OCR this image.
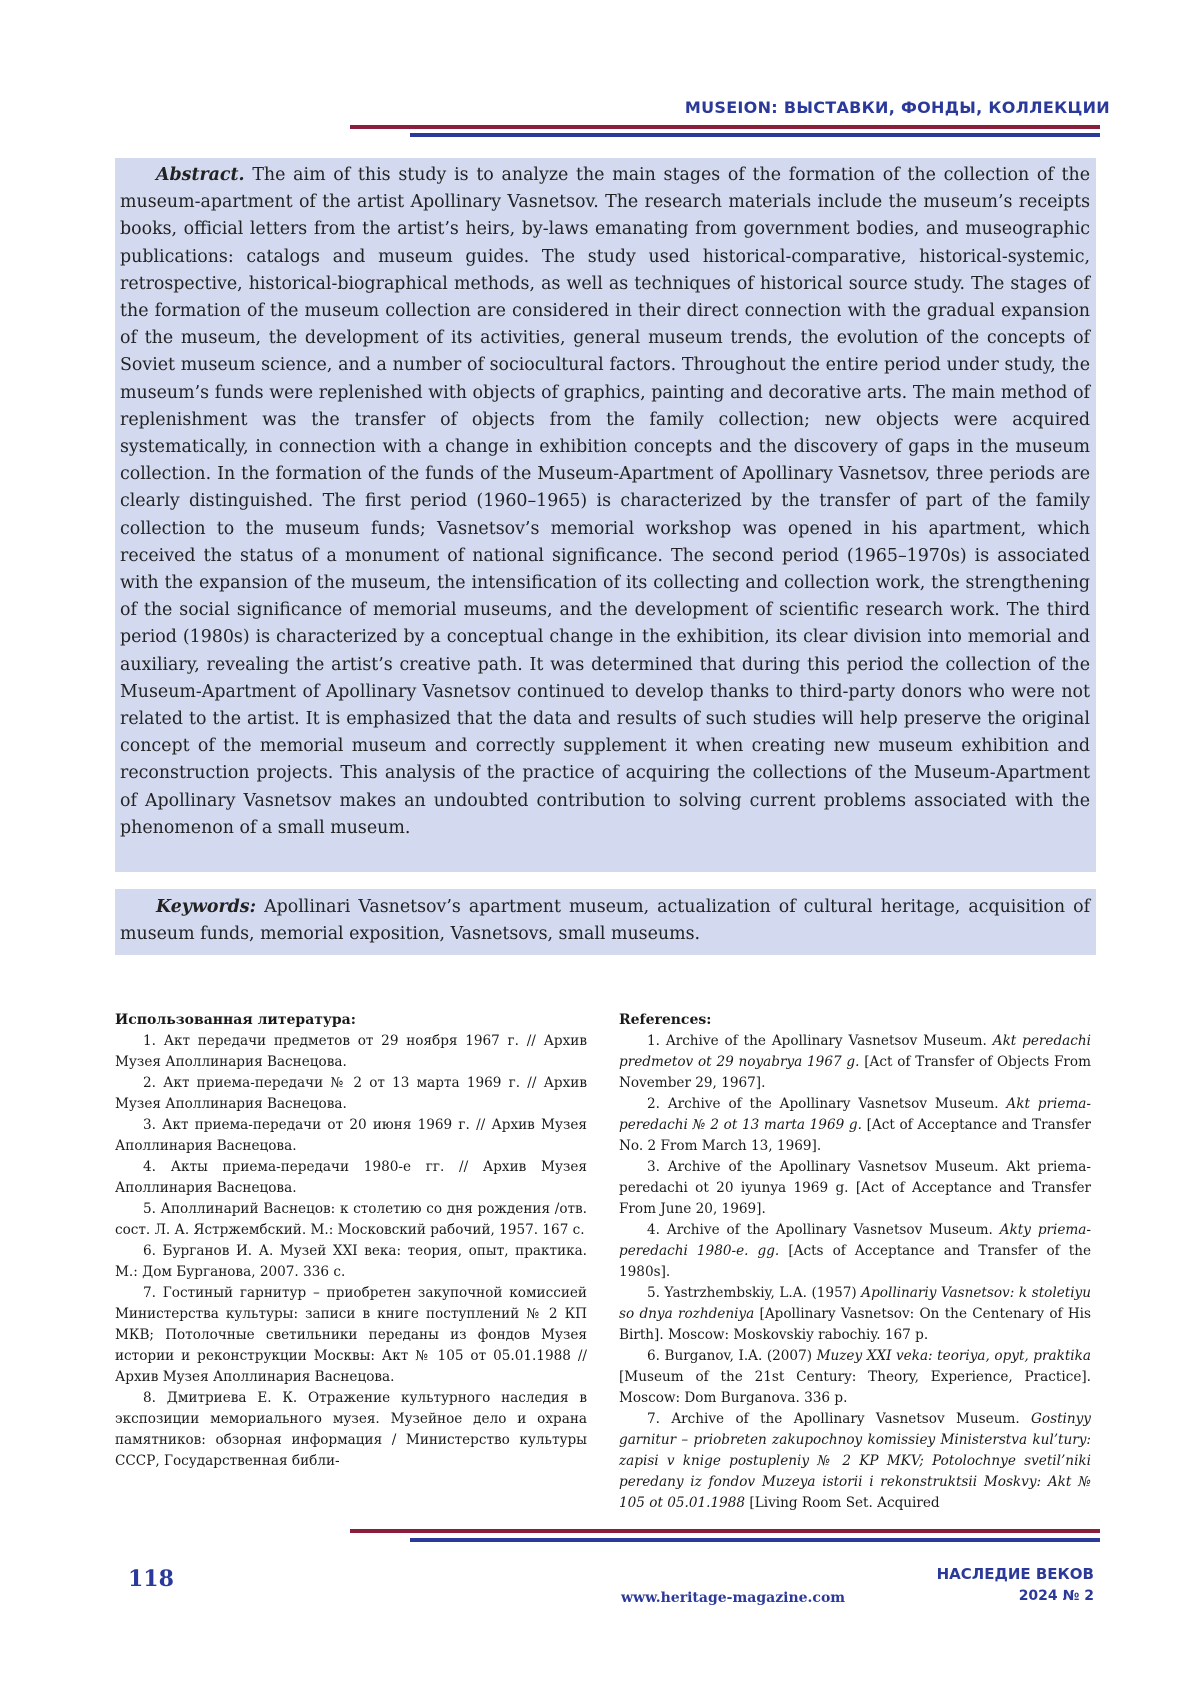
MUSEION: ВЫСТАВКИ, ФОНДЫ, КОЛЛЕКЦИИ
Abstract. The aim of this study is to analyze the main stages of the formation of the collection of the museum-apartment of the artist Apollinary Vasnetsov. The research materials include the museum’s receipts books, official letters from the artist’s heirs, by-laws emanating from government bodies, and museographic publications: catalogs and museum guides. The study used historical-comparative, historical-systemic, retrospective, historical-biographical methods, as well as techniques of historical source study. The stages of the formation of the museum collection are considered in their direct connection with the gradual expansion of the museum, the development of its activities, general museum trends, the evolution of the concepts of Soviet museum science, and a number of sociocultural factors. Throughout the entire period under study, the museum’s funds were replenished with objects of graphics, painting and decorative arts. The main method of replenishment was the transfer of objects from the family collection; new objects were acquired systematically, in connection with a change in exhibition concepts and the discovery of gaps in the museum collection. In the formation of the funds of the Museum-Apartment of Apollinary Vasnetsov, three periods are clearly distinguished. The first period (1960–1965) is characterized by the transfer of part of the family collection to the museum funds; Vasnetsov’s memorial workshop was opened in his apartment, which received the status of a monument of national significance. The second period (1965–1970s) is associated with the expansion of the museum, the intensification of its collecting and collection work, the strengthening of the social significance of memorial museums, and the development of scientific research work. The third period (1980s) is characterized by a conceptual change in the exhibition, its clear division into memorial and auxiliary, revealing the artist’s creative path. It was determined that during this period the collection of the Museum-Apartment of Apollinary Vasnetsov continued to develop thanks to third-party donors who were not related to the artist. It is emphasized that the data and results of such studies will help preserve the original concept of the memorial museum and correctly supplement it when creating new museum exhibition and reconstruction projects. This analysis of the practice of acquiring the collections of the Museum-Apartment of Apollinary Vasnetsov makes an undoubted contribution to solving current problems associated with the phenomenon of a small museum.
Keywords: Apollinari Vasnetsov’s apartment museum, actualization of cultural heritage, acquisition of museum funds, memorial exposition, Vasnetsovs, small museums.
Использованная литература:

1. Акт передачи предметов от 29 ноября 1967 г. // Архив Музея Аполлинария Васнецова.

2. Акт приема-передачи № 2 от 13 марта 1969 г. // Архив Музея Аполлинария Васнецова.

3. Акт приема-передачи от 20 июня 1969 г. // Архив Музея Аполлинария Васнецова.

4. Акты приема-передачи 1980-е гг. // Архив Музея Аполлинария Васнецова.

5. Аполлинарий Васнецов: к столетию со дня рождения /отв. сост. Л. А. Ястржембский. М.: Московский рабочий, 1957. 167 с.

6. Бурганов И. А. Музей XXI века: теория, опыт, практика. М.: Дом Бурганова, 2007. 336 с.

7. Гостиный гарнитур – приобретен закупочной комиссией Министерства культуры: записи в книге поступлений № 2 КП МКВ; Потолочные светильники переданы из фондов Музея истории и реконструкции Москвы: Акт № 105 от 05.01.1988 // Архив Музея Аполлинария Васнецова.

8. Дмитриева Е. К. Отражение культурного наследия в экспозиции мемориального музея. Музейное дело и охрана памятников: обзорная информация / Министерство культуры СССР, Государственная библи-

References:

1. Archive of the Apollinary Vasnetsov Museum. Akt peredachi predmetov ot 29 noyabrya 1967 g. [Act of Transfer of Objects From November 29, 1967].

2. Archive of the Apollinary Vasnetsov Museum. Akt priema-peredachi № 2 ot 13 marta 1969 g. [Act of Acceptance and Transfer No. 2 From March 13, 1969].

3. Archive of the Apollinary Vasnetsov Museum. Akt priema-peredachi ot 20 iyunya 1969 g. [Act of Acceptance and Transfer From June 20, 1969].

4. Archive of the Apollinary Vasnetsov Museum. Akty priema-peredachi 1980-e. gg. [Acts of Acceptance and Transfer of the 1980s].

5. Yastrzhembskiy, L.A. (1957) Apollinariy Vasnetsov: k stoletiyu so dnya rozhdeniya [Apollinary Vasnetsov: On the Centenary of His Birth]. Moscow: Moskovskiy rabochiy. 167 p.

6. Burganov, I.A. (2007) Muzey XXI veka: teoriya, opyt, praktika [Museum of the 21st Century: Theory, Experience, Practice]. Moscow: Dom Burganova. 336 p.

7. Archive of the Apollinary Vasnetsov Museum. Gostinyy garnitur – priobreten zakupochnoy komissiey Ministerstva kul’tury: zapisi v knige postupleniy № 2 KP MKV; Potolochnye svetil’niki peredany iz fondov Muzeya istorii i rekonstruktsii Moskvy: Akt № 105 ot 05.01.1988 [Living Room Set. Acquired

118
www.heritage-magazine.com
НАСЛЕДИЕ ВЕКОВ
2024 № 2
